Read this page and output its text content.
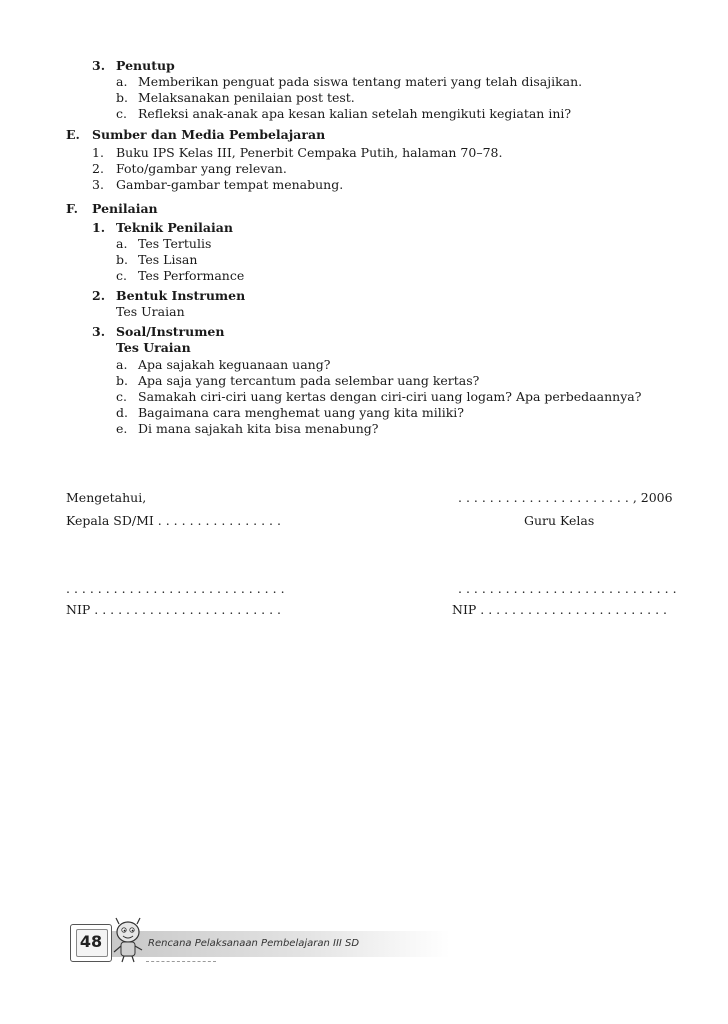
3. Penutup
a. Memberikan penguat pada siswa tentang materi yang telah disajikan.
b. Melaksanakan penilaian post test.
c. Refleksi anak-anak apa kesan kalian setelah mengikuti kegiatan ini?
E. Sumber dan Media Pembelajaran
1. Buku IPS Kelas III, Penerbit Cempaka Putih, halaman 70–78.
2. Foto/gambar yang relevan.
3. Gambar-gambar tempat menabung.
F. Penilaian
1. Teknik Penilaian
a. Tes Tertulis
b. Tes Lisan
c. Tes Performance
2. Bentuk Instrumen
Tes Uraian
3. Soal/Instrumen
Tes Uraian
a. Apa sajakah keguanaan uang?
b. Apa saja yang tercantum pada selembar uang kertas?
c. Samakah ciri-ciri uang kertas dengan ciri-ciri uang logam? Apa perbedaannya?
d. Bagaimana cara menghemat uang yang kita miliki?
e. Di mana sajakah kita bisa menabung?
Mengetahui,	. . . . . . . . . . . . . . . . . . . . . . , 2006
Kepala SD/MI . . . . . . . . . . . . . . . .	Guru Kelas
. . . . . . . . . . . . . . . . . . . . . . . . . . . .	. . . . . . . . . . . . . . . . . . . . . . . . . . . .
NIP . . . . . . . . . . . . . . . . . . . . . . . .	NIP . . . . . . . . . . . . . . . . . . . . . . . .
48	Rencana Pelaksanaan Pembelajaran III SD
